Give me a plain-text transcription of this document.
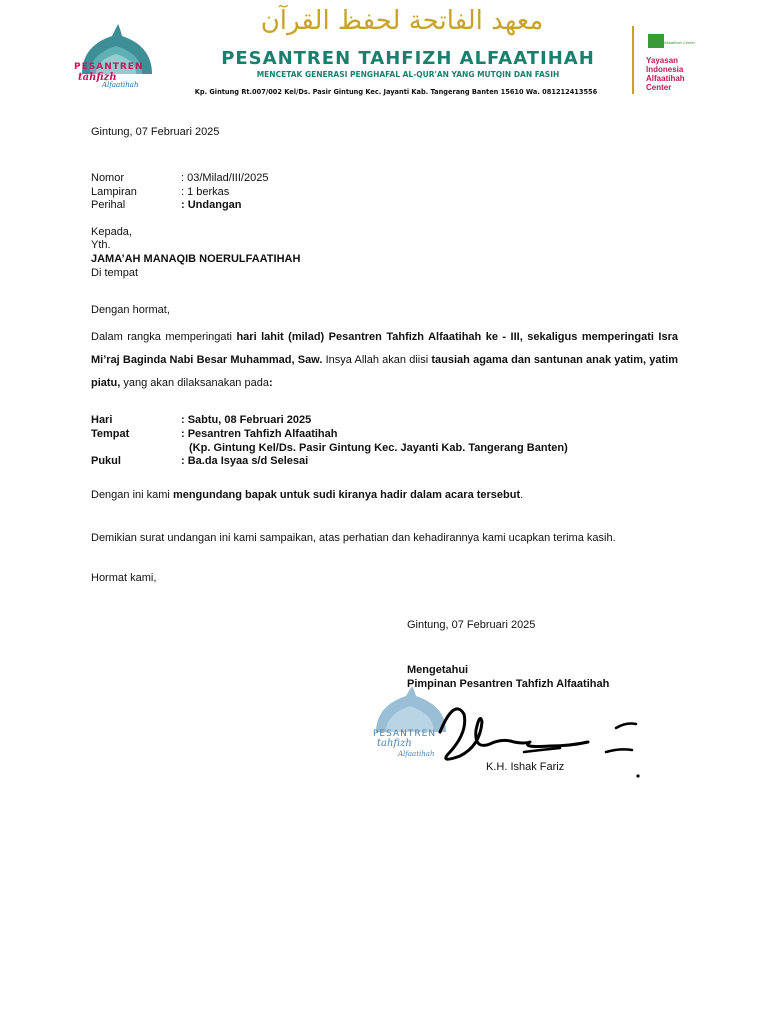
PESANTREN
tahfizh
Alfaatihah
معهد الفاتحة لحفظ القرآن
PESANTREN TAHFIZH ALFAATIHAH
MENCETAK GENERASI PENGHAFAL AL-QUR'AN YANG MUTQIN DAN FASIH
Kp. Gintung Rt.007/002 Kel/Ds. Pasir Gintung Kec. Jayanti Kab. Tangerang Banten 15610 Wa. 081212413556
Alfaatihah Center
Yayasan
Indonesia
Alfaatihah
Center
Gintung, 07 Februari 2025
Nomor	: 03/Milad/III/2025
Lampiran	: 1 berkas
Perihal	: Undangan
Kepada,
Yth.
JAMA’AH MANAQIB NOERULFAATIHAH
Di tempat
Dengan hormat,
Dalam rangka memperingati hari lahit (milad) Pesantren Tahfizh Alfaatihah ke - III, sekaligus memperingati Isra Mi’raj Baginda Nabi Besar Muhammad, Saw. Insya Allah akan diisi tausiah agama dan santunan anak yatim, yatim piatu, yang akan dilaksanakan pada:
Hari	: Sabtu, 08 Februari 2025
Tempat	: Pesantren Tahfizh Alfaatihah
(Kp. Gintung Kel/Ds. Pasir Gintung Kec. Jayanti Kab. Tangerang Banten)
Pukul	: Ba.da Isyaa s/d Selesai
Dengan ini kami mengundang bapak untuk sudi kiranya hadir dalam acara tersebut.
Demikian surat undangan ini kami sampaikan, atas perhatian dan kehadirannya kami ucapkan terima kasih.
Hormat kami,
Gintung, 07 Februari 2025
Mengetahui
Pimpinan Pesantren Tahfizh Alfaatihah
PESANTREN
tahfizh
Alfaatihah
K.H. Ishak Fariz
